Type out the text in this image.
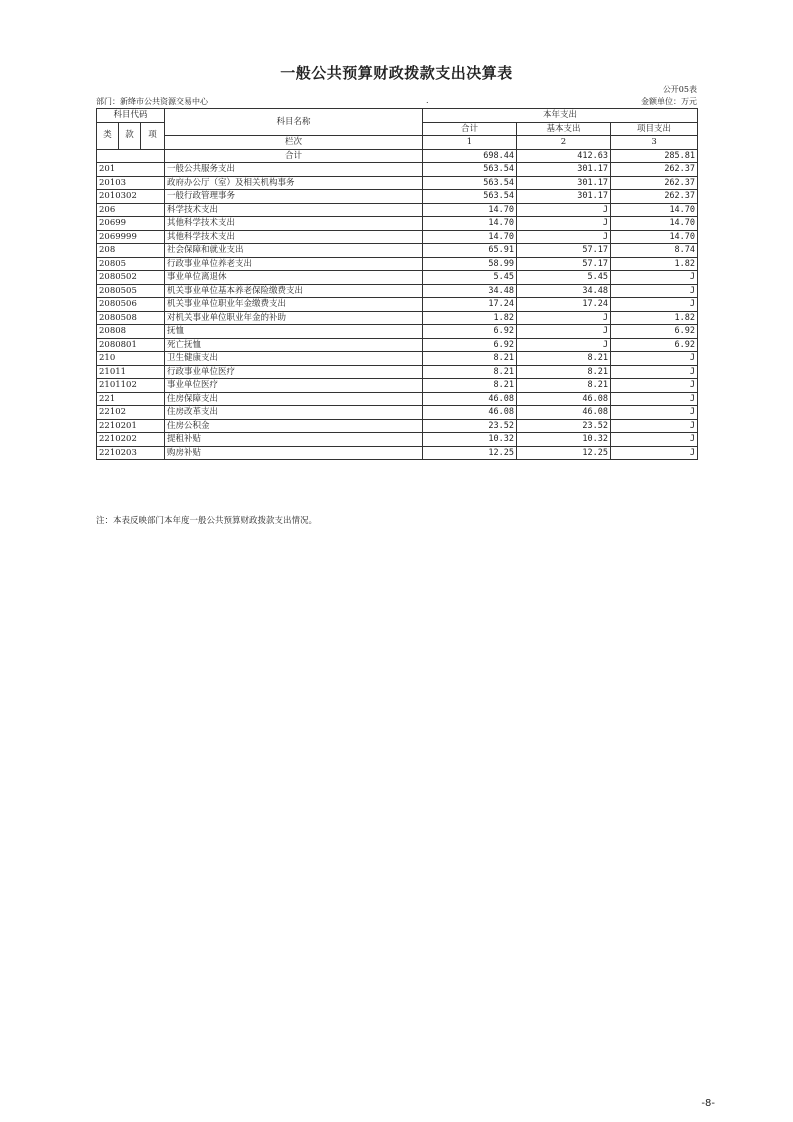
一般公共预算财政拨款支出决算表
公开05表
部门：新绛市公共资源交易中心	.	金额单位：万元
科目代码			科目名称	本年支出		
				合计	基本支出	项目支出
类	款	项				
			栏次	1	2	3
			合计	698.44	412.63	285.81
201			一般公共服务支出	563.54	301.17	262.37
20103			政府办公厅（室）及相关机构事务	563.54	301.17	262.37
2010302			一般行政管理事务	563.54	301.17	262.37
206			科学技术支出	14.70	J	14.70
20699			其他科学技术支出	14.70	J	14.70
2069999			其他科学技术支出	14.70	J	14.70
208			社会保障和就业支出	65.91	57.17	8.74
20805			行政事业单位养老支出	58.99	57.17	1.82
2080502			事业单位离退休	5.45	5.45	J
2080505			机关事业单位基本养老保险缴费支出	34.48	34.48	J
2080506			机关事业单位职业年金缴费支出	17.24	17.24	J
2080508			对机关事业单位职业年金的补助	1.82	J	1.82
20808			抚恤	6.92	J	6.92
2080801			死亡抚恤	6.92	J	6.92
210			卫生健康支出	8.21	8.21	J
21011			行政事业单位医疗	8.21	8.21	J
2101102			事业单位医疗	8.21	8.21	J
221			住房保障支出	46.08	46.08	J
22102			住房改革支出	46.08	46.08	J
2210201			住房公积金	23.52	23.52	J
2210202			提租补贴	10.32	10.32	J
2210203			购房补贴	12.25	12.25	J
注：本表反映部门本年度一般公共预算财政拨款支出情况。
-8-
